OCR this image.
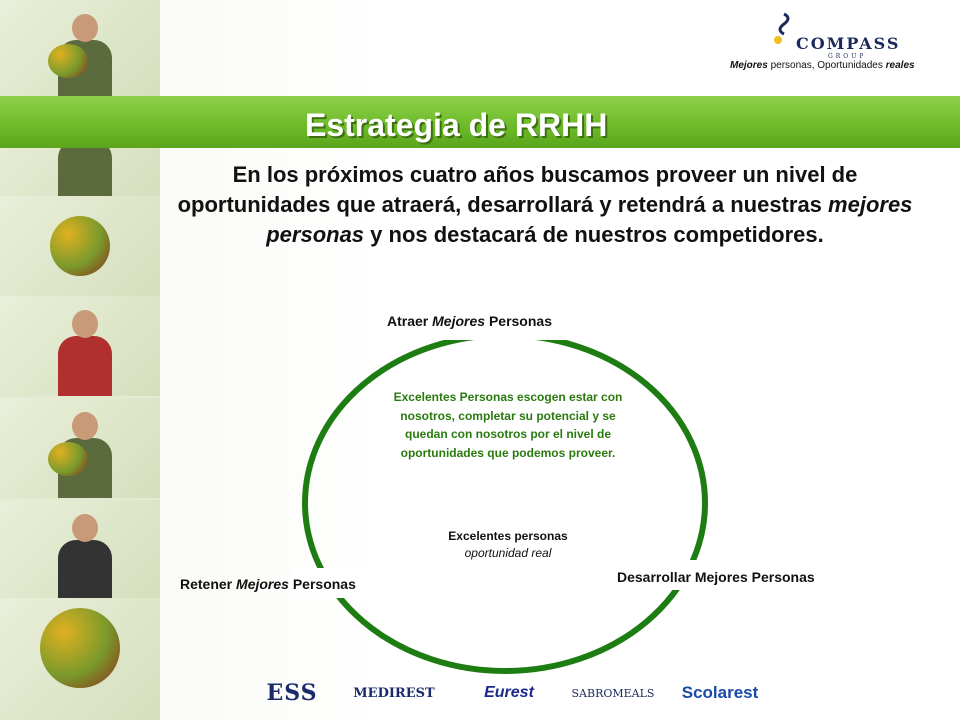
COMPASS
GROUP
Mejores personas, Oportunidades reales
Estrategia de RRHH
En los próximos cuatro años buscamos proveer un nivel de oportunidades que atraerá, desarrollará y retendrá a nuestras mejores personas y nos destacará de nuestros competidores.
Atraer Mejores Personas
Desarrollar Mejores Personas
Retener Mejores Personas
Excelentes Personas escogen estar con nosotros, completar su potencial y se quedan con nosotros por el nivel de oportunidades que podemos proveer.
Excelentes personas
oportunidad real
ESS	MEDIREST	Eurest	SABROMEALS Scolarest
